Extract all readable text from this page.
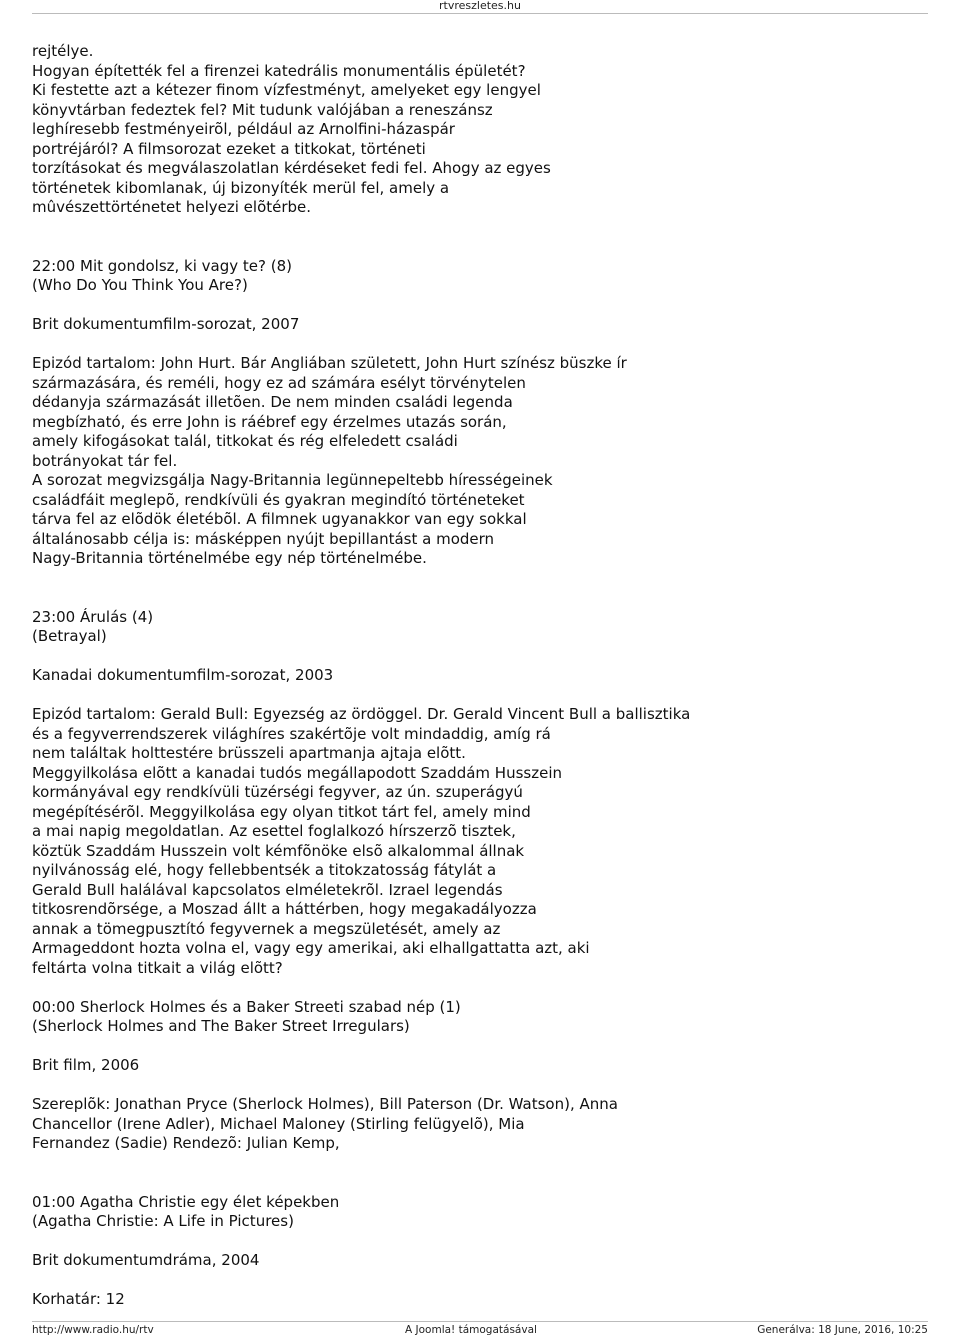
rtvreszletes.hu

rejtélye.
Hogyan építették fel a firenzei katedrális monumentális épületét?
Ki festette azt a kétezer finom vízfestményt, amelyeket egy lengyel
könyvtárban fedeztek fel? Mit tudunk valójában a reneszánsz
leghíresebb festményeirõl, például az Arnolfini-házaspár
portréjáról? A filmsorozat ezeket a titkokat, történeti
torzításokat és megválaszolatlan kérdéseket fedi fel. Ahogy az egyes
történetek kibomlanak, új bizonyíték merül fel, amely a
mûvészettörténetet helyezi elõtérbe.

22:00 Mit gondolsz, ki vagy te? (8)
(Who Do You Think You Are?)

Brit dokumentumfilm-sorozat, 2007

Epizód tartalom: John Hurt. Bár Angliában született, John Hurt színész büszke ír
származására, és reméli, hogy ez ad számára esélyt törvénytelen
dédanyja származását illetõen. De nem minden családi legenda
megbízható, és erre John is ráébref egy érzelmes utazás során,
amely kifogásokat talál, titkokat és rég elfeledett családi
botrányokat tár fel.
A sorozat megvizsgálja Nagy-Britannia legünnepeltebb hírességeinek
családfáit meglepõ, rendkívüli és gyakran megindító történeteket
tárva fel az elõdök életébõl. A filmnek ugyanakkor van egy sokkal
általánosabb célja is: másképpen nyújt bepillantást a modern
Nagy-Britannia történelmébe egy nép történelmébe.

23:00 Árulás (4)
(Betrayal)

Kanadai dokumentumfilm-sorozat, 2003

Epizód tartalom: Gerald Bull: Egyezség az ördöggel. Dr. Gerald Vincent Bull a ballisztika
és a fegyverrendszerek világhíres szakértõje volt mindaddig, amíg rá
nem találtak holttestére brüsszeli apartmanja ajtaja elõtt.
Meggyilkolása elõtt a kanadai tudós megállapodott Szaddám Husszein
kormányával egy rendkívüli tüzérségi fegyver, az ún. szuperágyú
megépítésérõl. Meggyilkolása egy olyan titkot tárt fel, amely mind
a mai napig megoldatlan. Az esettel foglalkozó hírszerzõ tisztek,
köztük Szaddám Husszein volt kémfõnöke elsõ alkalommal állnak
nyilvánosság elé, hogy fellebbentsék a titokzatosság fátylát a
Gerald Bull halálával kapcsolatos elméletekrõl. Izrael legendás
titkosrendõrsége, a Moszad állt a háttérben, hogy megakadályozza
annak a tömegpusztító fegyvernek a megszületését, amely az
Armageddont hozta volna el, vagy egy amerikai, aki elhallgattatta azt, aki
feltárta volna titkait a világ elõtt?

00:00 Sherlock Holmes és a Baker Streeti szabad nép (1)
(Sherlock Holmes and The Baker Street Irregulars)

Brit film, 2006

Szereplõk: Jonathan Pryce (Sherlock Holmes), Bill Paterson (Dr. Watson), Anna
Chancellor (Irene Adler), Michael Maloney (Stirling felügyelõ), Mia
Fernandez (Sadie) Rendezõ: Julian Kemp,

01:00 Agatha Christie egy élet képekben
(Agatha Christie: A Life in Pictures)

Brit dokumentumdráma, 2004

Korhatár: 12

http://www.radio.hu/rtv	A Joomla! támogatásával	Generálva: 18 June, 2016, 10:25
